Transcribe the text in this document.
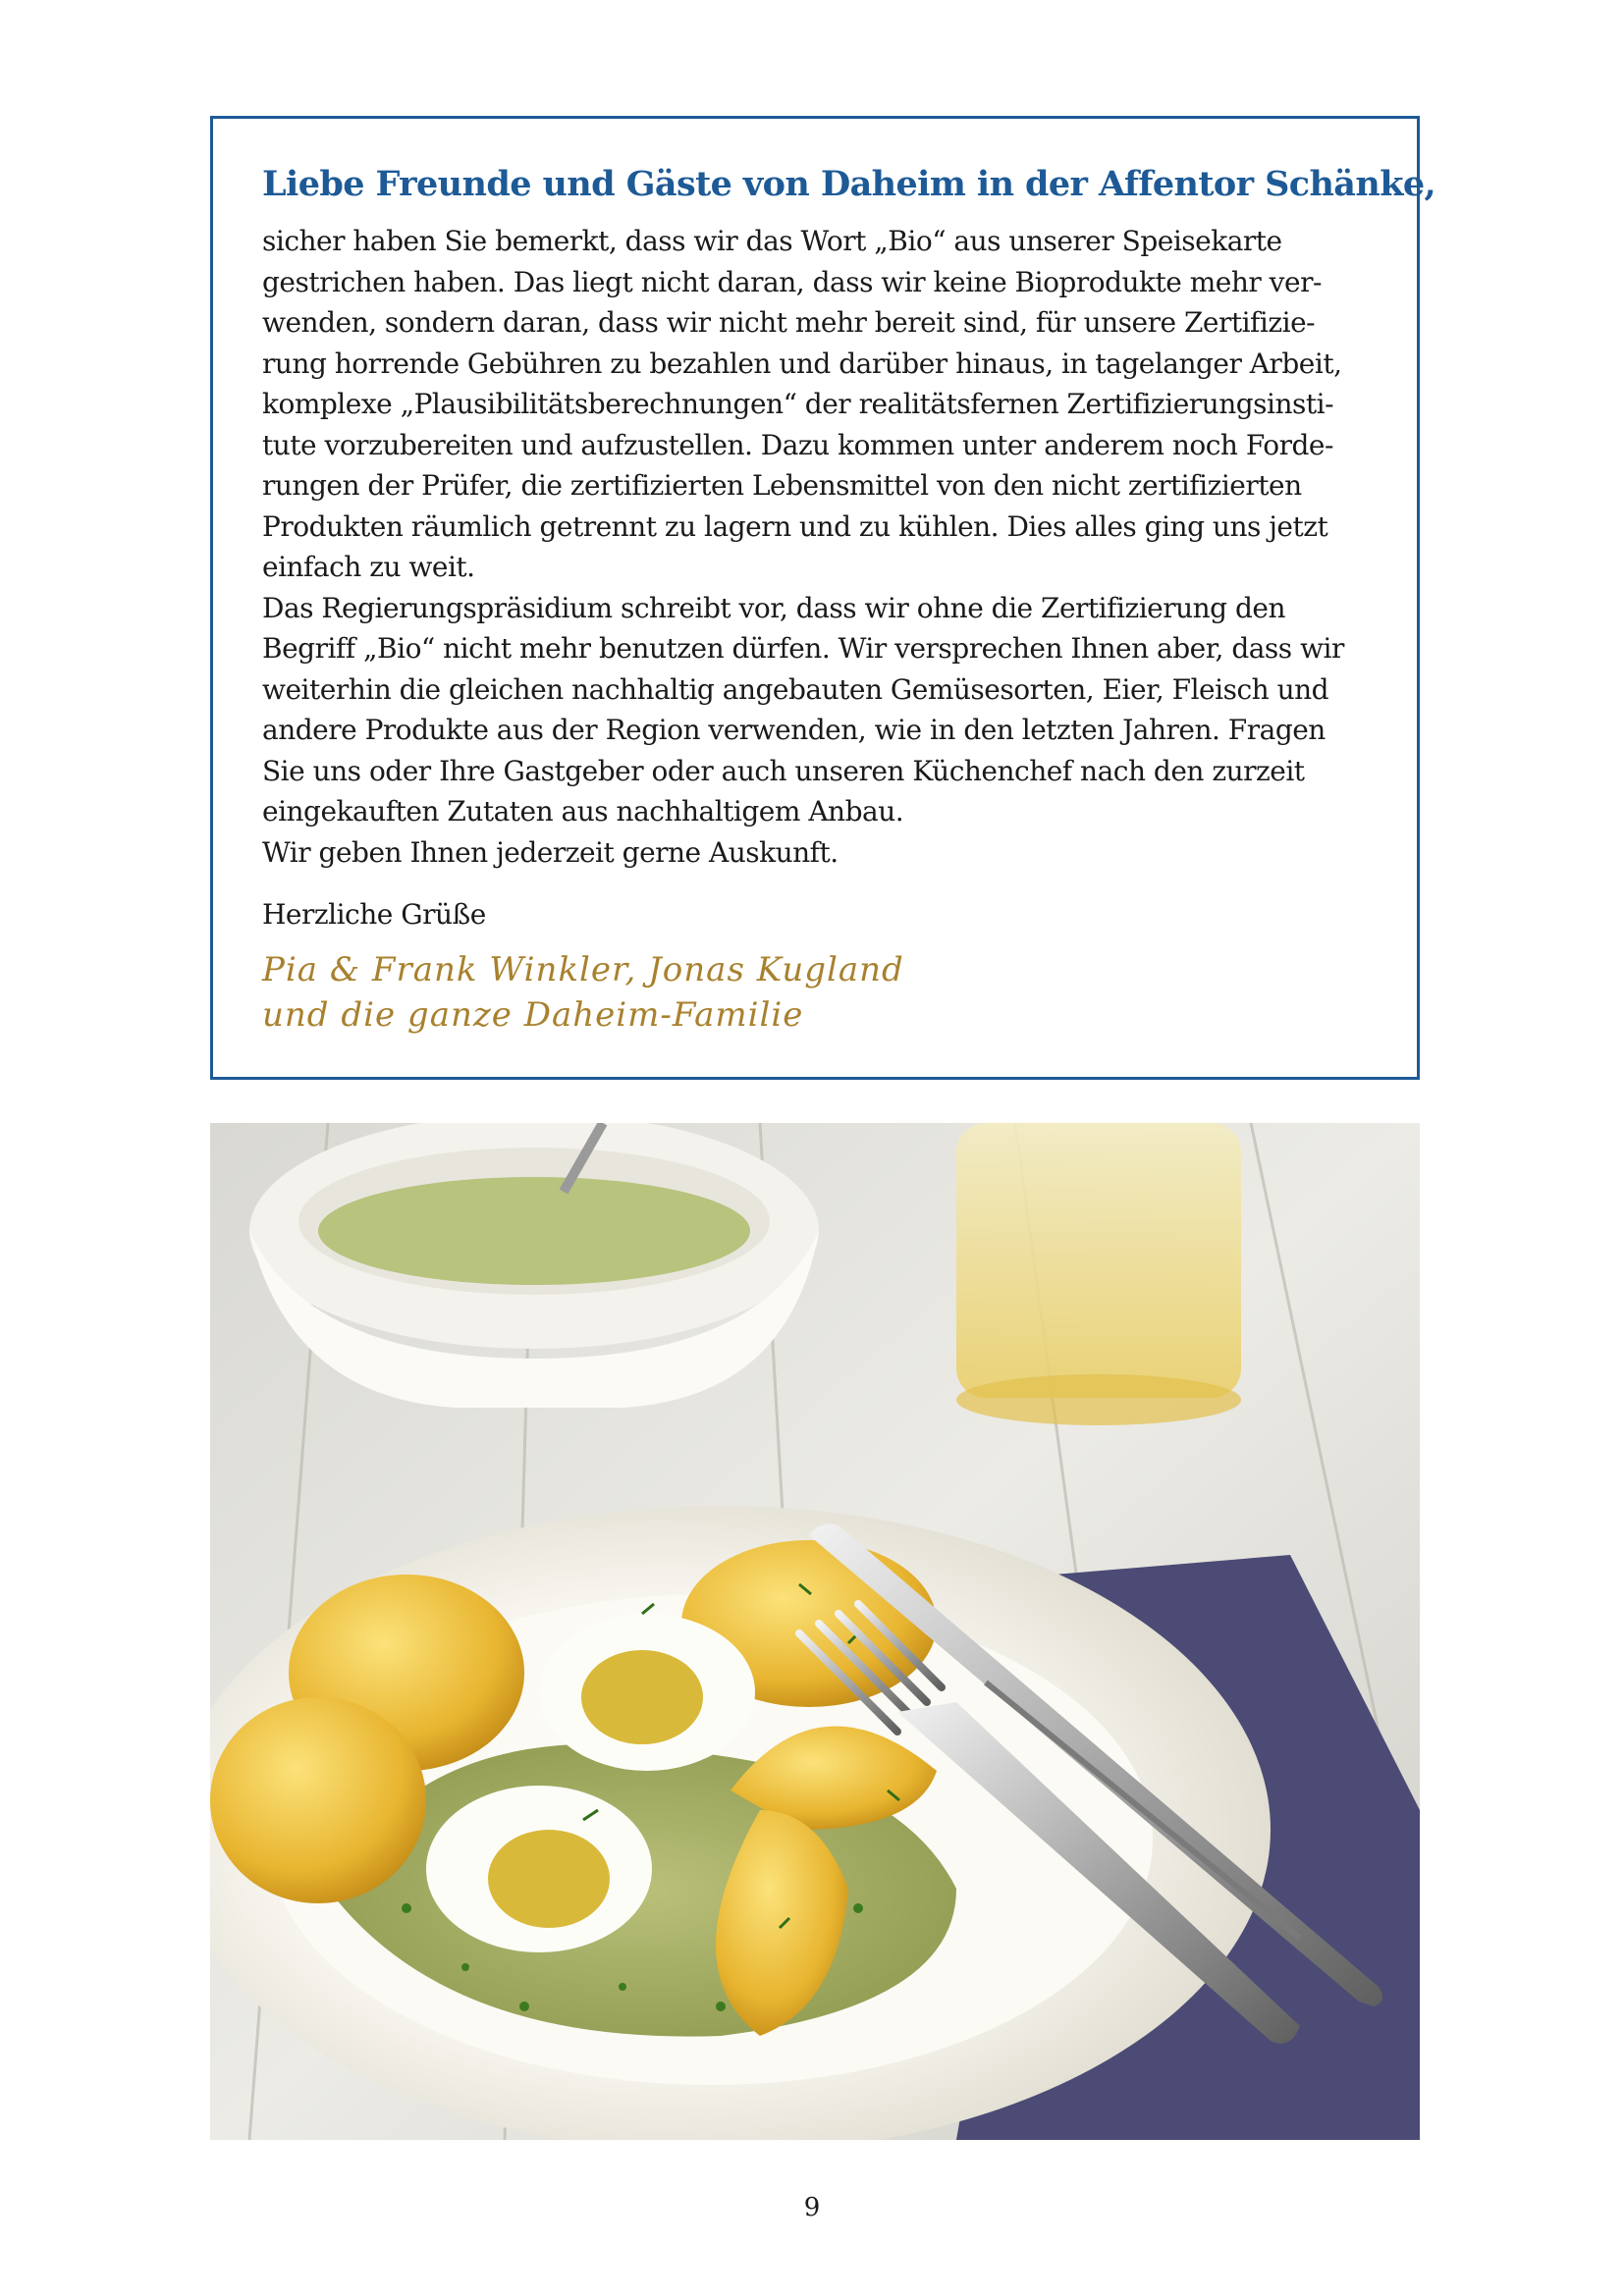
Liebe Freunde und Gäste von Daheim in der Affentor Schänke,

sicher haben Sie bemerkt, dass wir das Wort „Bio“ aus unserer Speisekarte

gestrichen haben. Das liegt nicht daran, dass wir keine Bioprodukte mehr ver-

wenden, sondern daran, dass wir nicht mehr bereit sind, für unsere Zertifizie-

rung horrende Gebühren zu bezahlen und darüber hinaus, in tagelanger Arbeit,

komplexe „Plausibilitätsberechnungen“ der realitätsfernen Zertifizierungsinsti-

tute vorzubereiten und aufzustellen. Dazu kommen unter anderem noch Forde-

rungen der Prüfer, die zertifizierten Lebensmittel von den nicht zertifizierten

Produkten räumlich getrennt zu lagern und zu kühlen. Dies alles ging uns jetzt

einfach zu weit.

Das Regierungspräsidium schreibt vor, dass wir ohne die Zertifizierung den

Begriff „Bio“ nicht mehr benutzen dürfen. Wir versprechen Ihnen aber, dass wir

weiterhin die gleichen nachhaltig angebauten Gemüsesorten, Eier, Fleisch und

andere Produkte aus der Region verwenden, wie in den letzten Jahren. Fragen

Sie uns oder Ihre Gastgeber oder auch unseren Küchenchef nach den zurzeit

eingekauften Zutaten aus nachhaltigem Anbau.

Wir geben Ihnen jederzeit gerne Auskunft.

Herzliche Grüße

Pia & Frank Winkler, Jonas Kugland
und die ganze Daheim-Familie
9
